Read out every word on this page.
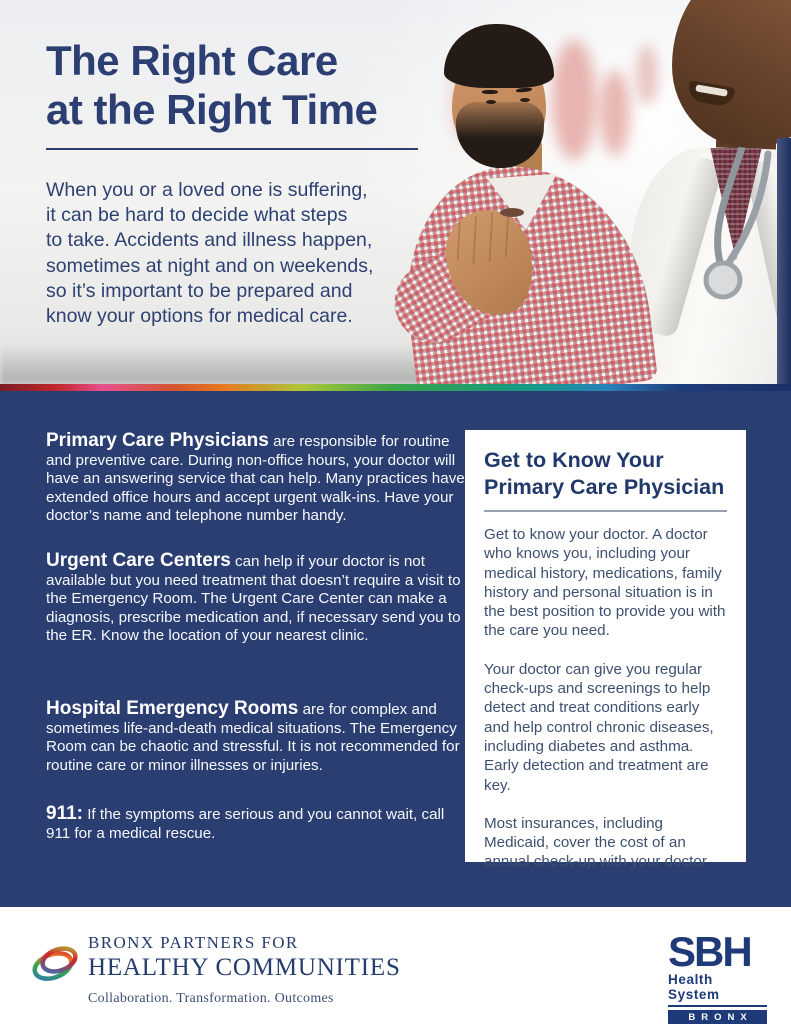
The Right Care
at the Right Time
When you or a loved one is suffering,
it can be hard to decide what steps
to take. Accidents and illness happen,
sometimes at night and on weekends,
so it’s important to be prepared and
know your options for medical care.
Primary Care Physicians are responsible for routine and preventive care. During non-office hours, your doctor will have an answering service that can help. Many practices have extended office hours and accept urgent walk-ins. Have your doctor’s name and telephone number handy.
Urgent Care Centers can help if your doctor is not available but you need treatment that doesn’t require a visit to the Emergency Room. The Urgent Care Center can make a diagnosis, prescribe medication and, if necessary send you to the ER. Know the location of your nearest clinic.
Hospital Emergency Rooms are for complex and sometimes life-and-death medical situations. The Emergency Room can be chaotic and stressful. It is not recommended for routine care or minor illnesses or injuries.
911: If the symptoms are serious and you cannot wait, call 911 for a medical rescue.
Get to Know Your
Primary Care Physician

Get to know your doctor. A doctor who knows you, including your medical history, medications, family history and personal situation is in the best position to provide you with the care you need.

Your doctor can give you regular check-ups and screenings to help detect and treat conditions early and help control chronic diseases, including diabetes and asthma. Early detection and treatment are key.

Most insurances, including Medicaid, cover the cost of an annual check-up with your doctor.

BRONX PARTNERS FOR
HEALTHY COMMUNITIES
Collaboration. Transformation. Outcomes
SBH
Health System
BRONX
